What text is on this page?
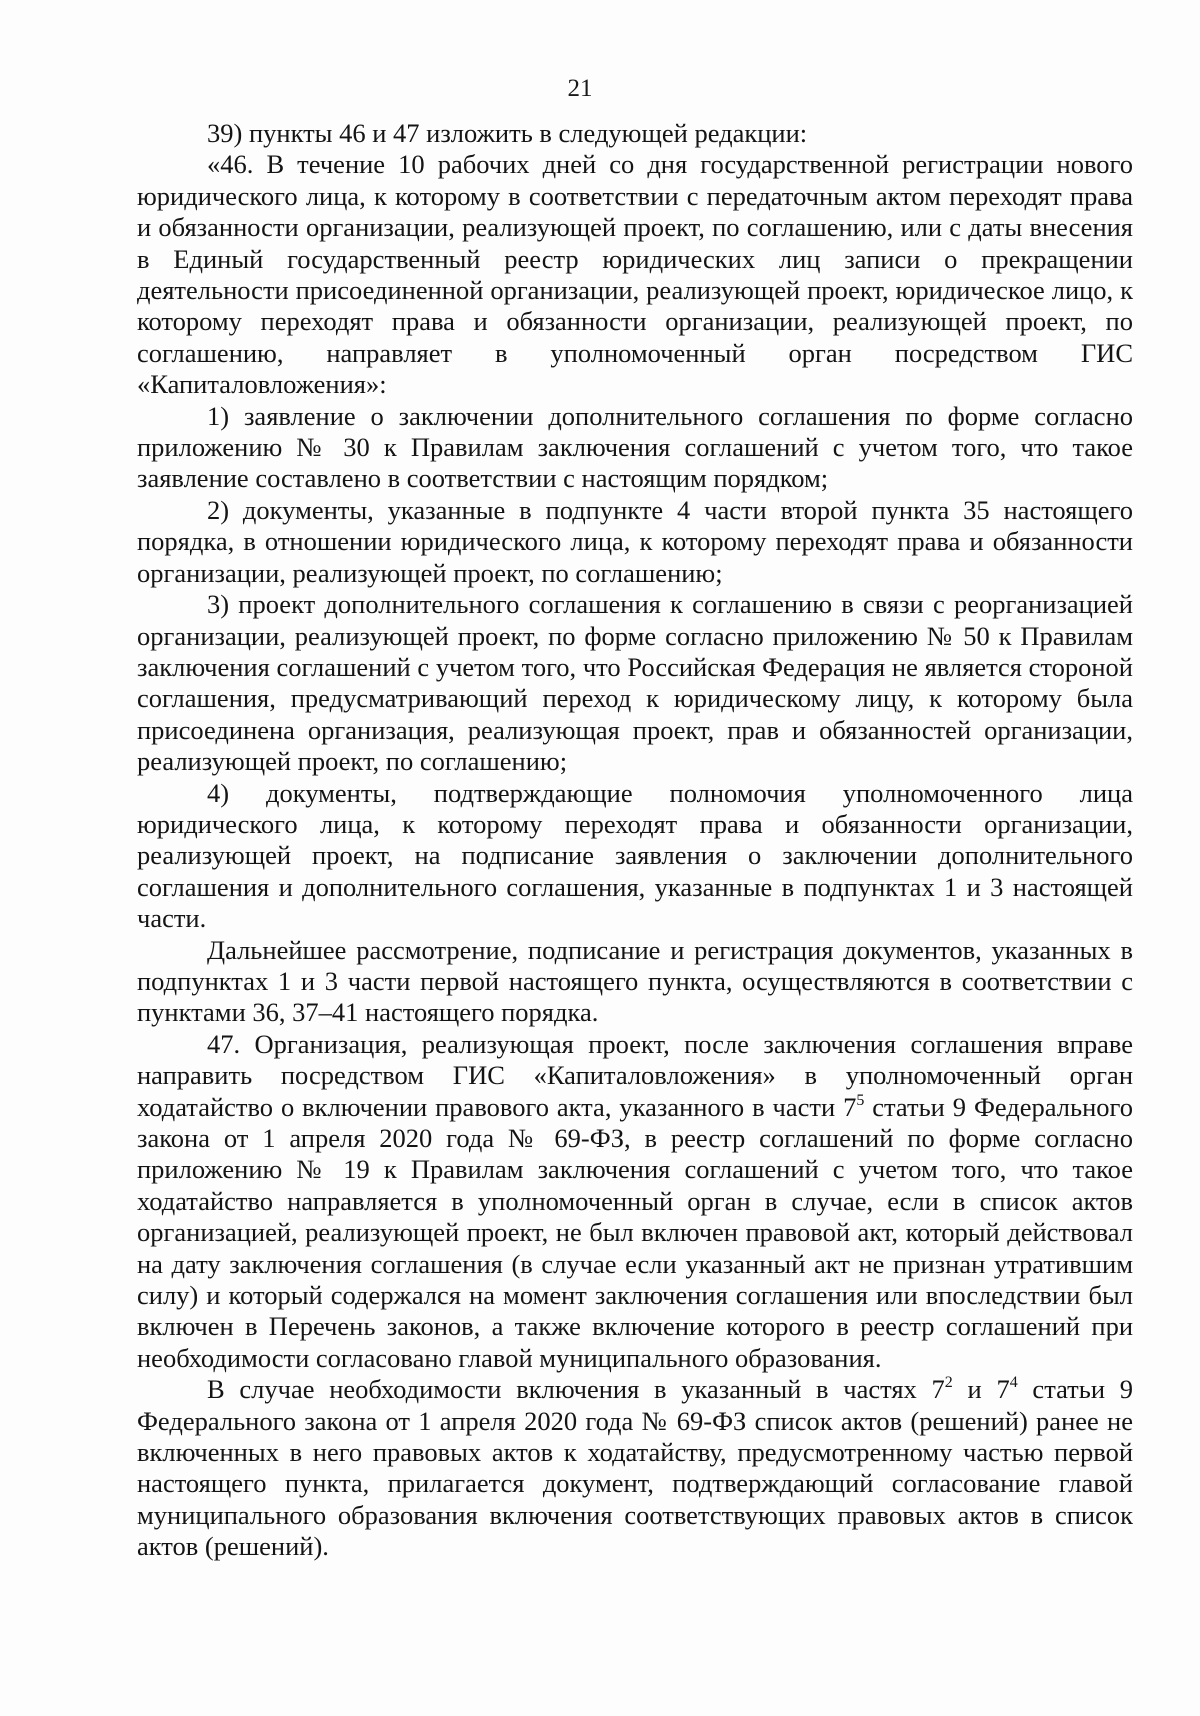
21

39) пункты 46 и 47 изложить в следующей редакции:

«46. В течение 10 рабочих дней со дня государственной регистрации нового юридического лица, к которому в соответствии с передаточным актом переходят права и обязанности организации, реализующей проект, по соглашению, или с даты внесения в Единый государственный реестр юридических лиц записи о прекращении деятельности присоединенной организации, реализующей проект, юридическое лицо, к которому переходят права и обязанности организации, реализующей проект, по соглашению, направляет в уполномоченный орган посредством ГИС «Капиталовложения»:

1) заявление о заключении дополнительного соглашения по форме согласно приложению № 30 к Правилам заключения соглашений с учетом того, что такое заявление составлено в соответствии с настоящим порядком;

2) документы, указанные в подпункте 4 части второй пункта 35 настоящего порядка, в отношении юридического лица, к которому переходят права и обязанности организации, реализующей проект, по соглашению;

3) проект дополнительного соглашения к соглашению в связи с реорганизацией организации, реализующей проект, по форме согласно приложению № 50 к Правилам заключения соглашений с учетом того, что Российская Федерация не является стороной соглашения, предусматривающий переход к юридическому лицу, к которому была присоединена организация, реализующая проект, прав и обязанностей организации, реализующей проект, по соглашению;

4) документы, подтверждающие полномочия уполномоченного лица юридического лица, к которому переходят права и обязанности организации, реализующей проект, на подписание заявления о заключении дополнительного соглашения и дополнительного соглашения, указанные в подпунктах 1 и 3 настоящей части.

Дальнейшее рассмотрение, подписание и регистрация документов, указанных в подпунктах 1 и 3 части первой настоящего пункта, осуществляются в соответствии с пунктами 36, 37–41 настоящего порядка.

47. Организация, реализующая проект, после заключения соглашения вправе направить посредством ГИС «Капиталовложения» в уполномоченный орган ходатайство о включении правового акта, указанного в части $7^5$ статьи 9 Федерального закона от 1 апреля 2020 года № 69-ФЗ, в реестр соглашений по форме согласно приложению № 19 к Правилам заключения соглашений с учетом того, что такое ходатайство направляется в уполномоченный орган в случае, если в список актов организацией, реализующей проект, не был включен правовой акт, который действовал на дату заключения соглашения (в случае если указанный акт не признан утратившим силу) и который содержался на момент заключения соглашения или впоследствии был включен в Перечень законов, а также включение которого в реестр соглашений при необходимости согласовано главой муниципального образования.

В случае необходимости включения в указанный в частях $7^2$ и $7^4$ статьи 9 Федерального закона от 1 апреля 2020 года № 69-ФЗ список актов (решений) ранее не включенных в него правовых актов к ходатайству, предусмотренному частью первой настоящего пункта, прилагается документ, подтверждающий согласование главой муниципального образования включения соответствующих правовых актов в список актов (решений).
